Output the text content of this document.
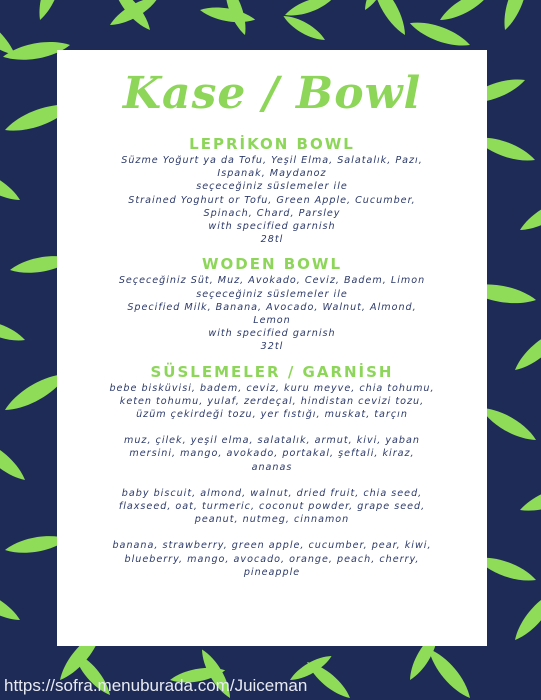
Kase / Bowl

LEPRİKON BOWL

Süzme Yoğurt ya da Tofu, Yeşil Elma, Salatalık, Pazı,

Ispanak, Maydanoz

seçeceğiniz süslemeler ile

Strained Yoghurt or Tofu, Green Apple, Cucumber,

Spinach, Chard, Parsley

with specified garnish

28tl

WODEN BOWL

Seçeceğiniz Süt, Muz, Avokado, Ceviz, Badem, Limon

seçeceğiniz süslemeler ile

Specified Milk, Banana, Avocado, Walnut, Almond,

Lemon

with specified garnish

32tl

SÜSLEMELER / GARNİSH

bebe bisküvisi, badem, ceviz, kuru meyve, chia tohumu,

keten tohumu, yulaf, zerdeçal, hindistan cevizi tozu,

üzüm çekirdeği tozu, yer fıstığı, muskat, tarçın

muz, çilek, yeşil elma, salatalık, armut, kivi, yaban

mersini, mango, avokado, portakal, şeftali, kiraz,

ananas

baby biscuit, almond, walnut, dried fruit, chia seed,

flaxseed, oat, turmeric, coconut powder, grape seed,

peanut, nutmeg, cinnamon

banana, strawberry, green apple, cucumber, pear, kiwi,

blueberry, mango, avocado, orange, peach, cherry,

pineapple

https://sofra.menuburada.com/Juiceman
